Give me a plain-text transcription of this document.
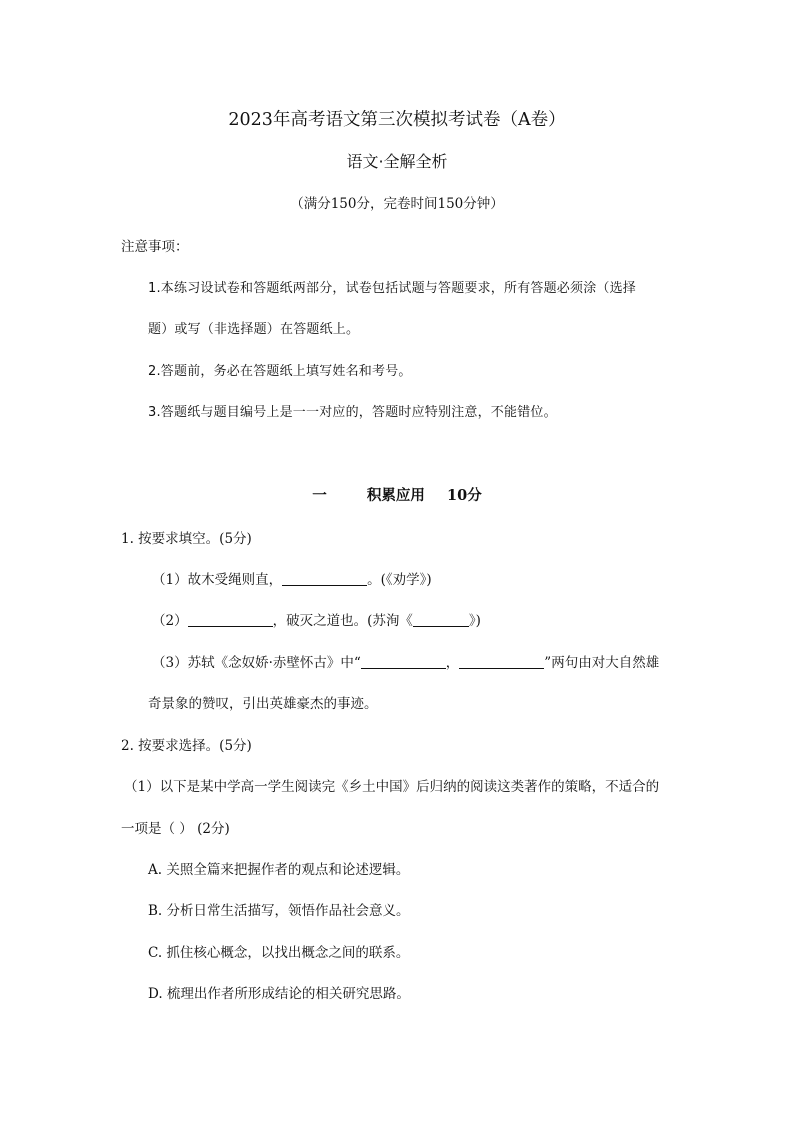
2023年高考语文第三次模拟考试卷（A卷）
语文·全解全析
（满分150分，完卷时间150分钟）
注意事项：
1.本练习设试卷和答题纸两部分，试卷包括试题与答题要求，所有答题必须涂（选择
题）或写（非选择题）在答题纸上。
2.答题前，务必在答题纸上填写姓名和考号。
3.答题纸与题目编号上是一一对应的，答题时应特别注意，不能错位。
一	积累应用 10分
1. 按要求填空。(5分)
（1）故木受绳则直，	。(《劝学》)
（2）	，破灭之道也。(苏洵《	》)
（3）苏轼《念奴娇·赤壁怀古》中“	，	”两句由对大自然雄
奇景象的赞叹，引出英雄豪杰的事迹。
2. 按要求选择。(5分)
（1）以下是某中学高一学生阅读完《乡土中国》后归纳的阅读这类著作的策略，不适合的
一项是（ ） (2分)
A. 关照全篇来把握作者的观点和论述逻辑。
B. 分析日常生活描写，领悟作品社会意义。
C. 抓住核心概念，以找出概念之间的联系。
D. 梳理出作者所形成结论的相关研究思路。
